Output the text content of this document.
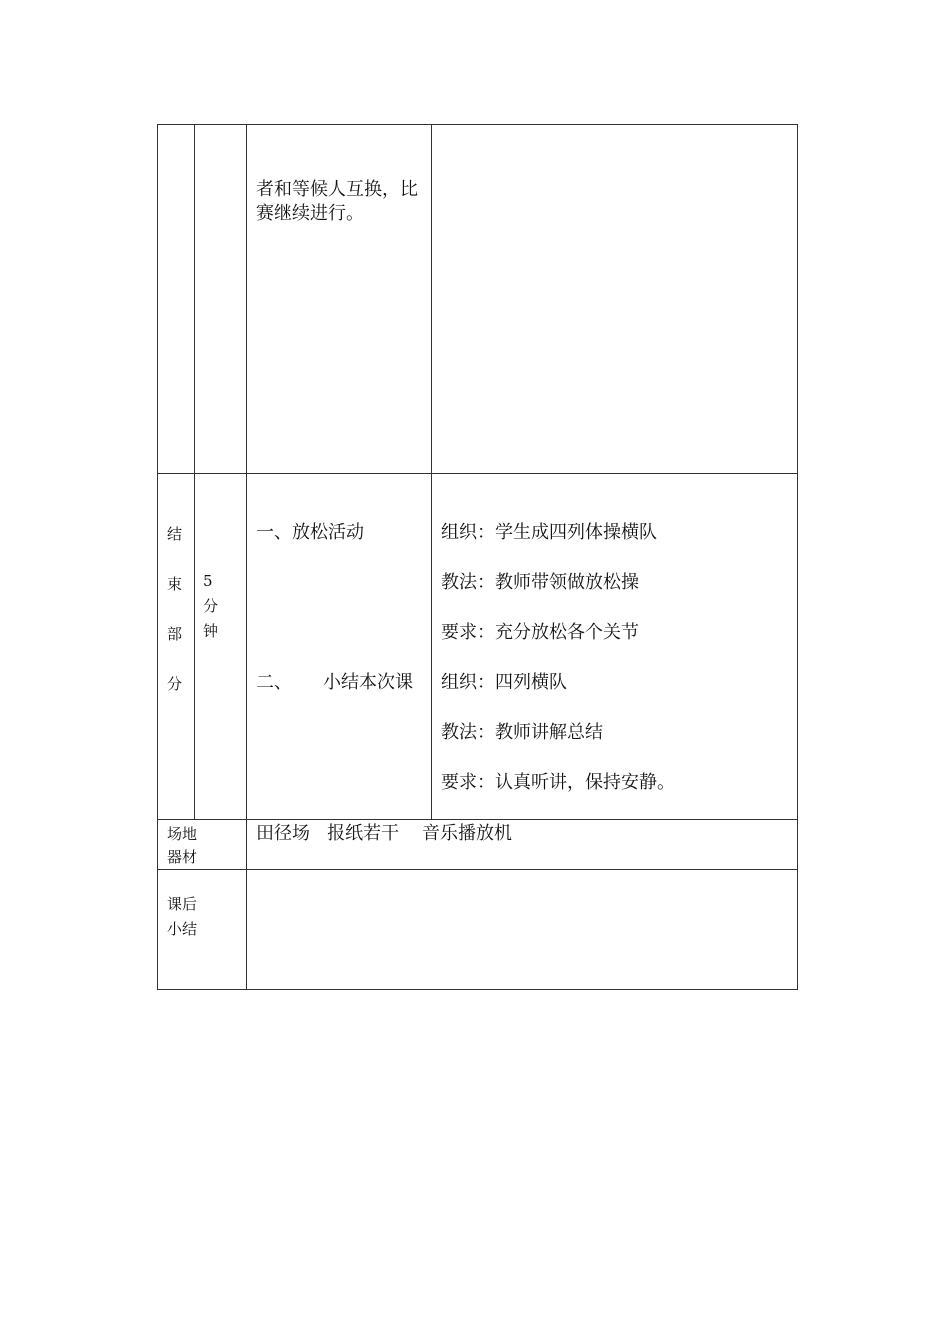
者和等候人互换，比
赛继续进行。
结
束
部
分
5
分
钟
一、放松活动
二、 小结本次课
组织：学生成四列体操横队
教法：教师带领做放松操
要求：充分放松各个关节
组织：四列横队
教法：教师讲解总结
要求：认真听讲，保持安静。
场地
器材
田径场   报纸若干    音乐播放机
课后
小结
